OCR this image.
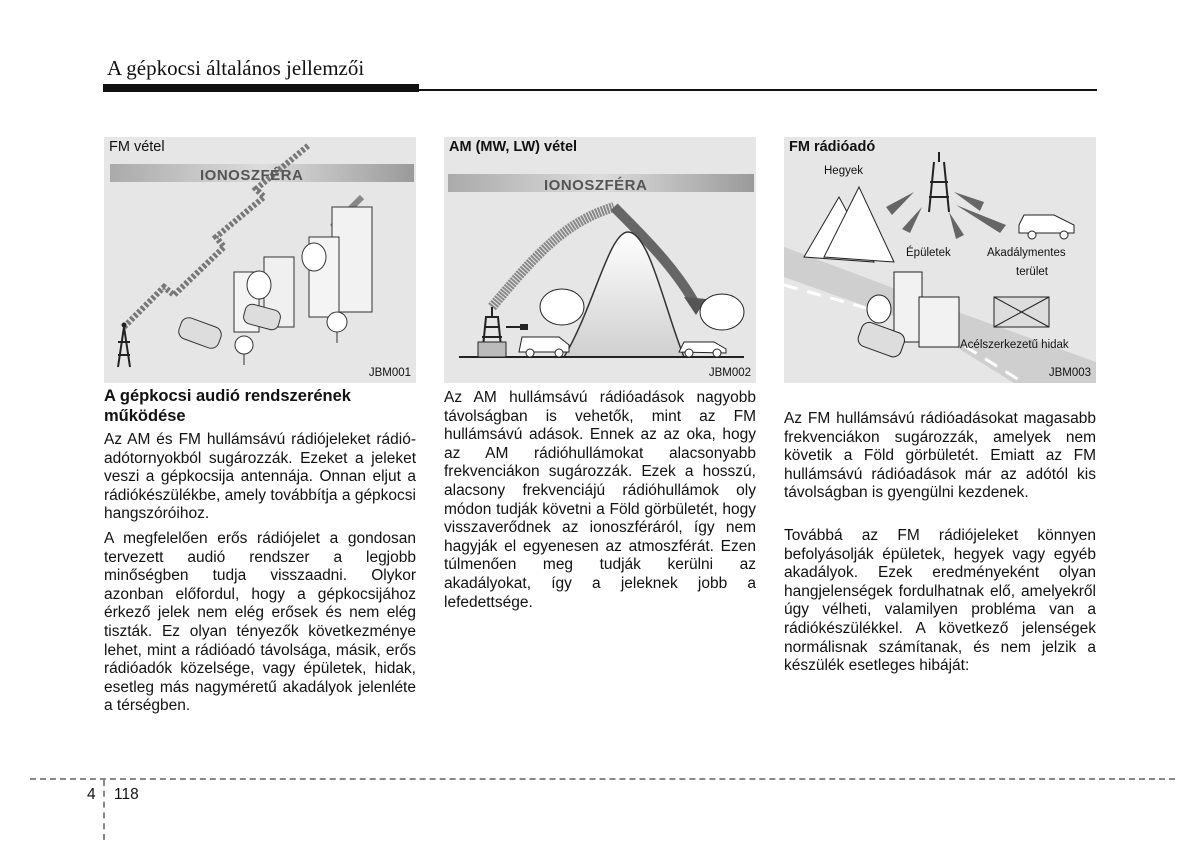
A gépkocsi általános jellemzői
FM vétel
IONOSZFÉRA
JBM001
AM (MW, LW) vétel
IONOSZFÉRA
JBM002
FM rádióadó
Hegyek
Épületek	Akadálymentes
terület
Acélszerkezetű hidak
JBM003
A gépkocsi audió rendszerének
működése
Az AM és FM hullámsávú rádiójeleket rádió-adótornyokból sugározzák. Ezeket a jeleket veszi a gépkocsija antennája. Onnan eljut a rádiókészülékbe, amely továbbítja a gépkocsi hangszóróihoz.
A megfelelően erős rádiójelet a gondosan tervezett audió rendszer a legjobb minőségben tudja visszaadni. Olykor azonban előfordul, hogy a gépkocsijához érkező jelek nem elég erősek és nem elég tiszták. Ez olyan tényezők következménye lehet, mint a rádióadó távolsága, másik, erős rádióadók közelsége, vagy épületek, hidak, esetleg más nagyméretű akadályok jelenléte a térségben.
Az AM hullámsávú rádióadások nagyobb távolságban is vehetők, mint az FM hullámsávú adások. Ennek az az oka, hogy az AM rádióhullámokat alacsonyabb frekvenciákon sugározzák. Ezek a hosszú, alacsony frekvenciájú rádióhullámok oly módon tudják követni a Föld görbületét, hogy visszaverődnek az ionoszféráról, így nem hagyják el egyenesen az atmoszférát. Ezen túlmenően meg tudják kerülni az akadályokat, így a jeleknek jobb a lefedettsége.
Az FM hullámsávú rádióadásokat magasabb frekvenciákon sugározzák, amelyek nem követik a Föld görbületét. Emiatt az FM hullámsávú rádióadások már az adótól kis távolságban is gyengülni kezdenek.
Továbbá az FM rádiójeleket könnyen befolyásolják épületek, hegyek vagy egyéb akadályok. Ezek eredményeként olyan hangjelenségek fordulhatnak elő, amelyekről úgy vélheti, valamilyen probléma van a rádiókészülékkel. A következő jelenségek normálisnak számítanak, és nem jelzik a készülék esetleges hibáját:
4 118
